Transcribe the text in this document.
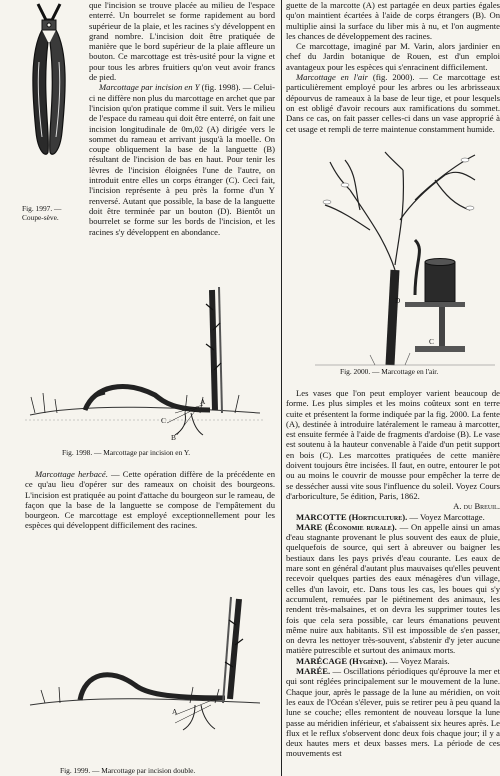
Fig. 1997. —
Coupe-sève.

que l'incision se trouve placée au milieu de l'espace enterré. Un bourrelet se forme rapidement au bord supérieur de la plaie, et les racines s'y développent en grand nombre. L'incision doit être pratiquée de manière que le bord supérieur de la plaie affleure un bouton. Ce marcottage est très-usité pour la vigne et pour tous les arbres fruitiers qu'on veut avoir francs de pied.

Marcottage par incision en Y (fig. 1998). — Celui-ci ne diffère non plus du marcottage en archet que par l'incision qu'on pratique comme il suit. Vers le milieu de l'espace du rameau qui doit être enterré, on fait une incision longitudinale de 0m,02 (A) dirigée vers le sommet du rameau et arrivant jusqu'à la moelle. On coupe obliquement la base de la languette (B) résultant de l'incision de bas en haut. Pour tenir les lèvres de l'incision éloignées l'une de l'autre, on introduit entre elles un corps étranger (C). Ceci fait, l'incision représente à peu près la forme d'un Y renversé. Autant que possible, la base de la languette doit être terminée par un bouton (D). Bientôt un bourrelet se forme sur les bords de l'incision, et les racines s'y développent en abondance.

A
C
B
Fig. 1998. — Marcottage par incision en Y.

Marcottage herbacé. — Cette opération diffère de la précédente en ce qu'au lieu d'opérer sur des rameaux on choisit des bourgeons. L'incision est pratiquée au point d'attache du bourgeon sur le rameau, de façon que la base de la languette se compose de l'empâtement du bourgeon. Ce marcottage est employé exceptionnellement pour les espèces qui développent difficilement des racines.

A
Fig. 1999. — Marcottage par incision double.

guette de la marcotte (A) est partagée en deux parties égales qu'on maintient écartées à l'aide de corps étrangers (B). On multiplie ainsi la surface du liber mis à nu, et l'on augmente les chances de développement des racines.

Ce marcottage, imaginé par M. Varin, alors jardinier en chef du Jardin botanique de Rouen, est d'un emploi avantageux pour les espèces qui s'enracinent difficilement.

Marcottage en l'air (fig. 2000). — Ce marcottage est particulièrement employé pour les arbres ou les arbrisseaux dépourvus de rameaux à la base de leur tige, et pour lesquels on est obligé d'avoir recours aux ramifications du sommet. Dans ce cas, on fait passer celles-ci dans un vase approprié à cet usage et rempli de terre maintenue constamment humide.

D
C
Fig. 2000. — Marcottage en l'air.

Les vases que l'on peut employer varient beaucoup de forme. Les plus simples et les moins coûteux sont en terre cuite et présentent la forme indiquée par la fig. 2000. La fente (A), destinée à introduire latéralement le rameau à marcotter, est ensuite fermée à l'aide de fragments d'ardoise (B). Le vase est soutenu à la hauteur convenable à l'aide d'un petit support en bois (C). Les marcottes pratiquées de cette manière doivent toujours être incisées. Il faut, en outre, entourer le pot ou au moins le couvrir de mousse pour empêcher la terre de se dessécher aussi vite sous l'influence du soleil. Voyez Cours d'arboriculture, 5e édition, Paris, 1862.

A. du Breuil.

MARCOTTE (Horticulture). — Voyez Marcottage.

MARE (Économie rurale). — On appelle ainsi un amas d'eau stagnante provenant le plus souvent des eaux de pluie, quelquefois de source, qui sert à abreuver ou baigner les bestiaux dans les pays privés d'eau courante. Les eaux de mare sont en général d'autant plus mauvaises qu'elles peuvent recevoir quelques parties des eaux ménagères d'un village, celles d'un lavoir, etc. Dans tous les cas, les boues qui s'y accumulent, remuées par le piétinement des animaux, les rendent très-malsaines, et on devra les supprimer toutes les fois que cela sera possible, car leurs émanations peuvent même nuire aux habitants. S'il est impossible de s'en passer, on devra les nettoyer très-souvent, s'abstenir d'y jeter aucune matière putrescible et surtout des animaux morts.

MARÉCAGE (Hygiène). — Voyez Marais.

MARÉE. — Oscillations périodiques qu'éprouve la mer et qui sont réglées principalement sur le mouvement de la lune. Chaque jour, après le passage de la lune au méridien, on voit les eaux de l'Océan s'élever, puis se retirer peu à peu quand la lune se couche; elles remontent de nouveau lorsque la lune passe au méridien inférieur, et s'abaissent six heures après. Le flux et le reflux s'observent donc deux fois chaque jour; il y a deux hautes mers et deux basses mers. La période de ces mouvements est
